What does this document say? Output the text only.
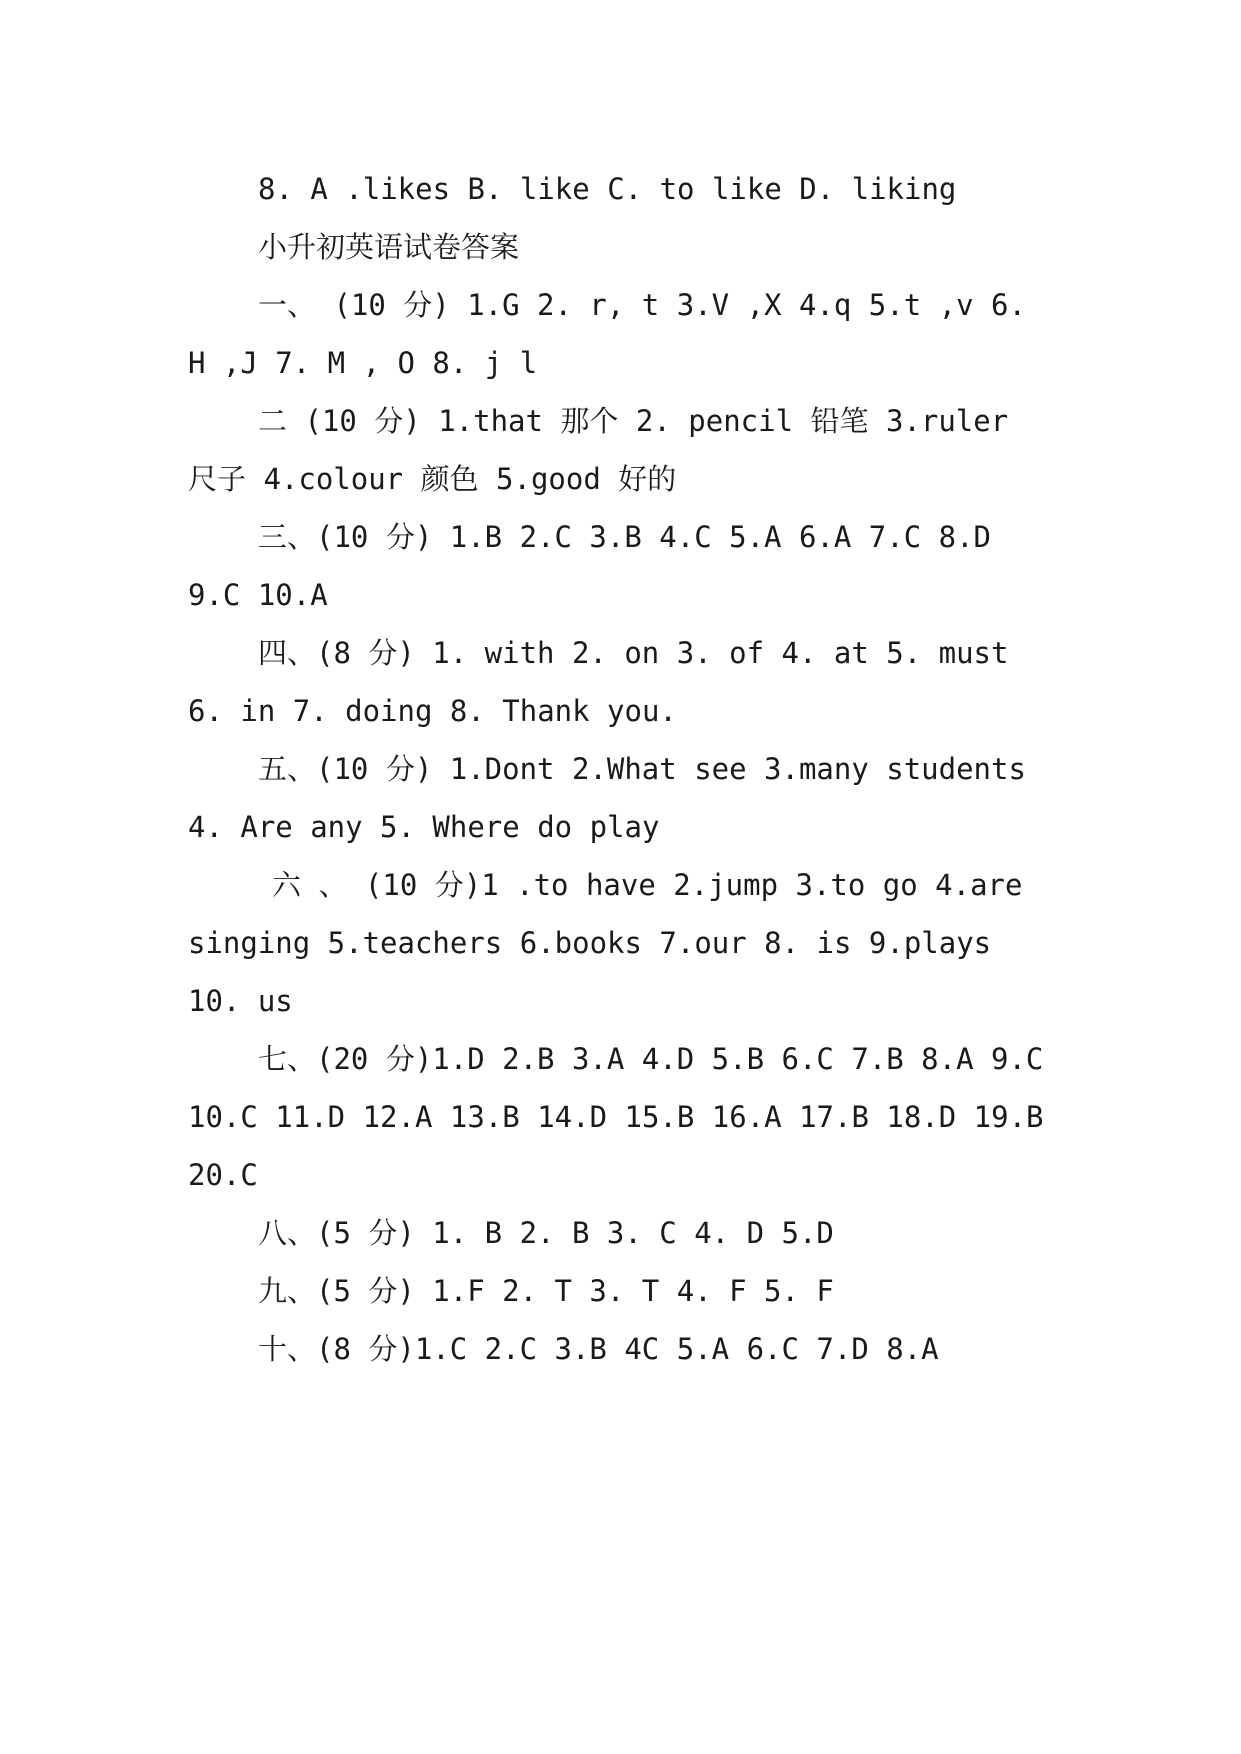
8. A .likes B. like C. to like D. liking

小升初英语试卷答案

一、 (10 分) 1.G 2. r, t 3.V ,X 4.q 5.t ,v 6. H ,J 7. M , O 8. j l

二 (10 分) 1.that 那个 2. pencil 铅笔 3.ruler 尺子 4.colour 颜色 5.good 好的

三、(10 分) 1.B 2.C 3.B 4.C 5.A 6.A 7.C 8.D 9.C 10.A

四、(8 分) 1. with 2. on 3. of 4. at 5. must 6. in 7. doing 8. Thank you.

五、(10 分) 1.Dont 2.What see 3.many students 4. Are any 5. Where do play

六 、 (10 分)1 .to have 2.jump 3.to go 4.are singing 5.teachers 6.books 7.our 8. is 9.plays 10. us

七、(20 分)1.D 2.B 3.A 4.D 5.B 6.C 7.B 8.A 9.C 10.C 11.D 12.A 13.B 14.D 15.B 16.A 17.B 18.D 19.B 20.C

八、(5 分) 1. B 2. B 3. C 4. D 5.D

九、(5 分) 1.F 2. T 3. T 4. F 5. F

十、(8 分)1.C 2.C 3.B 4C 5.A 6.C 7.D 8.A
